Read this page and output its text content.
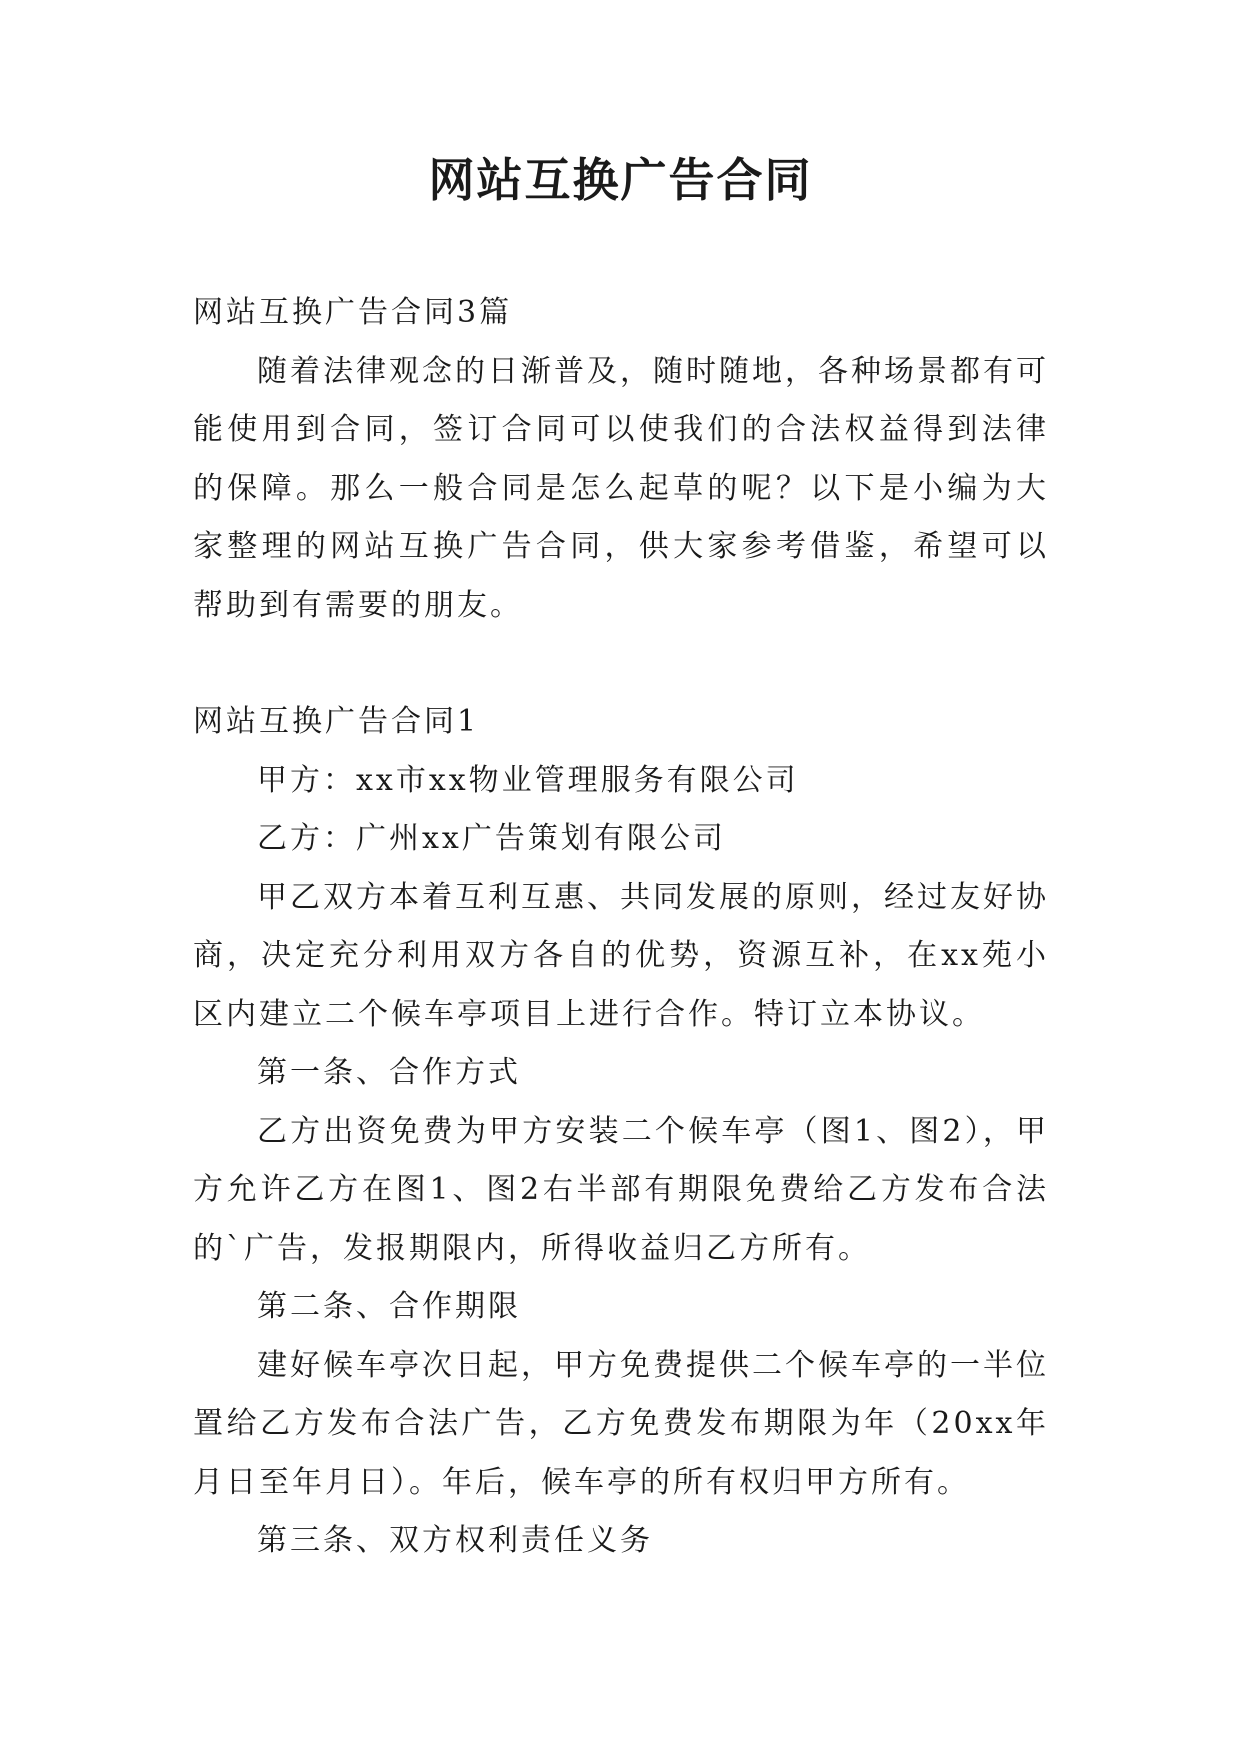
网站互换广告合同

网站互换广告合同3篇

随着法律观念的日渐普及，随时随地，各种场景都有可能使用到合同，签订合同可以使我们的合法权益得到法律的保障。那么一般合同是怎么起草的呢？以下是小编为大家整理的网站互换广告合同，供大家参考借鉴，希望可以帮助到有需要的朋友。

网站互换广告合同1

甲方：xx市xx物业管理服务有限公司

乙方：广州xx广告策划有限公司

甲乙双方本着互利互惠、共同发展的原则，经过友好协商，决定充分利用双方各自的优势，资源互补，在xx苑小区内建立二个候车亭项目上进行合作。特订立本协议。

第一条、合作方式

乙方出资免费为甲方安装二个候车亭（图1、图2），甲方允许乙方在图1、图2右半部有期限免费给乙方发布合法的`广告，发报期限内，所得收益归乙方所有。

第二条、合作期限

建好候车亭次日起，甲方免费提供二个候车亭的一半位置给乙方发布合法广告，乙方免费发布期限为年（20xx年月日至年月日）。年后，候车亭的所有权归甲方所有。

第三条、双方权利责任义务
